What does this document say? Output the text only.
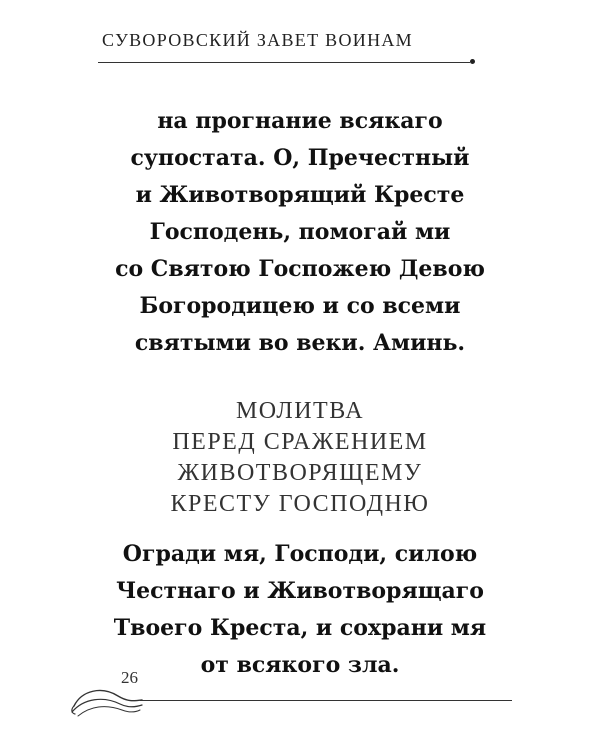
СУВОРОВСКИЙ ЗАВЕТ ВОИНАМ
на прогнание всякаго
супостата. О, Пречестный
и Животворящий Кресте
Господень, помогай ми
со Святою Госпожею Девою
Богородицею и со всеми
святыми во веки. Аминь.
МОЛИТВА
ПЕРЕД СРАЖЕНИЕМ
ЖИВОТВОРЯЩЕМУ
КРЕСТУ ГОСПОДНЮ
Огради мя, Господи, силою
Честнаго и Животворящаго
Твоего Креста, и сохрани мя
от всякого зла.
26
